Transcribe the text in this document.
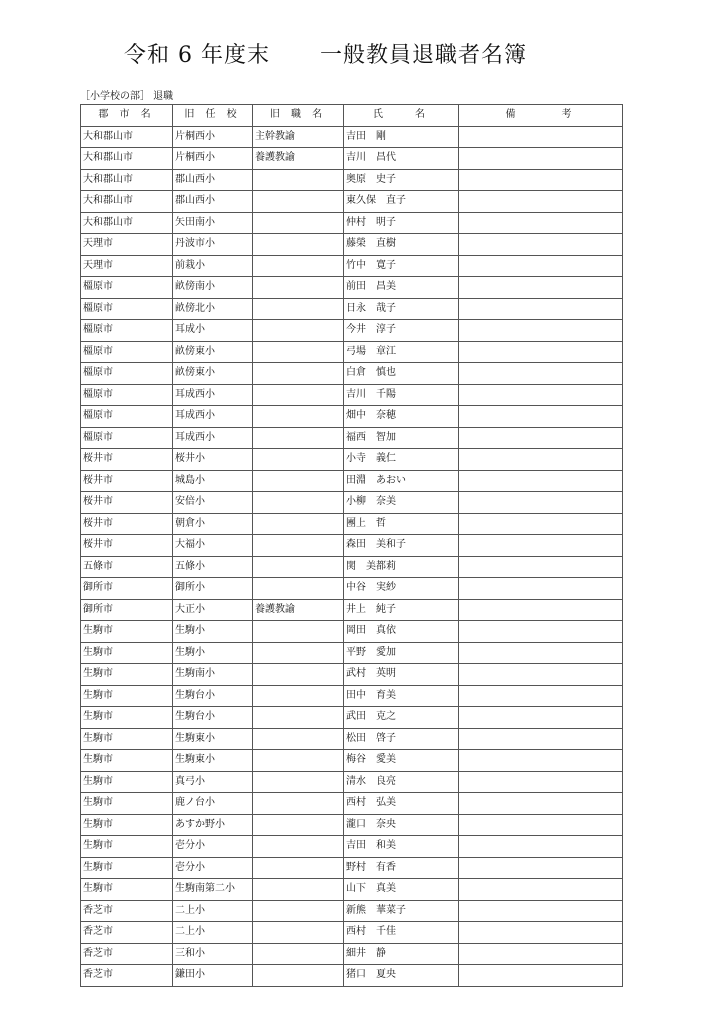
令和 6 年度末 一般教員退職者名簿
［小学校の部］ 退職
郡 市 名	旧 任 校	旧 職 名	氏　　名	備　　　考
大和郡山市	片桐西小	主幹教諭	吉田　剛	
大和郡山市	片桐西小	養護教諭	吉川　昌代	
大和郡山市	郡山西小		奥原　史子	
大和郡山市	郡山西小		東久保　直子	
大和郡山市	矢田南小		仲村　明子	
天理市	丹波市小		藤榮　直樹	
天理市	前栽小		竹中　寛子	
橿原市	畝傍南小		前田　昌美	
橿原市	畝傍北小		日永　哉子	
橿原市	耳成小		今井　淳子	
橿原市	畝傍東小		弓場　章江	
橿原市	畝傍東小		白倉　慎也	
橿原市	耳成西小		吉川　千陽	
橿原市	耳成西小		畑中　奈穂	
橿原市	耳成西小		福西　智加	
桜井市	桜井小		小寺　義仁	
桜井市	城島小		田淵　あおい	
桜井市	安倍小		小柳　奈美	
桜井市	朝倉小		團上　哲	
桜井市	大福小		森田　美和子	
五條市	五條小		関　美都莉	
御所市	御所小		中谷　実紗	
御所市	大正小	養護教諭	井上　純子	
生駒市	生駒小		岡田　真依	
生駒市	生駒小		平野　愛加	
生駒市	生駒南小		武村　英明	
生駒市	生駒台小		田中　育美	
生駒市	生駒台小		武田　克之	
生駒市	生駒東小		松田　啓子	
生駒市	生駒東小		梅谷　愛美	
生駒市	真弓小		清水　良亮	
生駒市	鹿ノ台小		西村　弘美	
生駒市	あすか野小		瀧口　奈央	
生駒市	壱分小		吉田　和美	
生駒市	壱分小		野村　有香	
生駒市	生駒南第二小		山下　真美	
香芝市	二上小		新熊　華菜子	
香芝市	二上小		西村　千佳	
香芝市	三和小		細井　静	
香芝市	鎌田小		猪口　夏央	
